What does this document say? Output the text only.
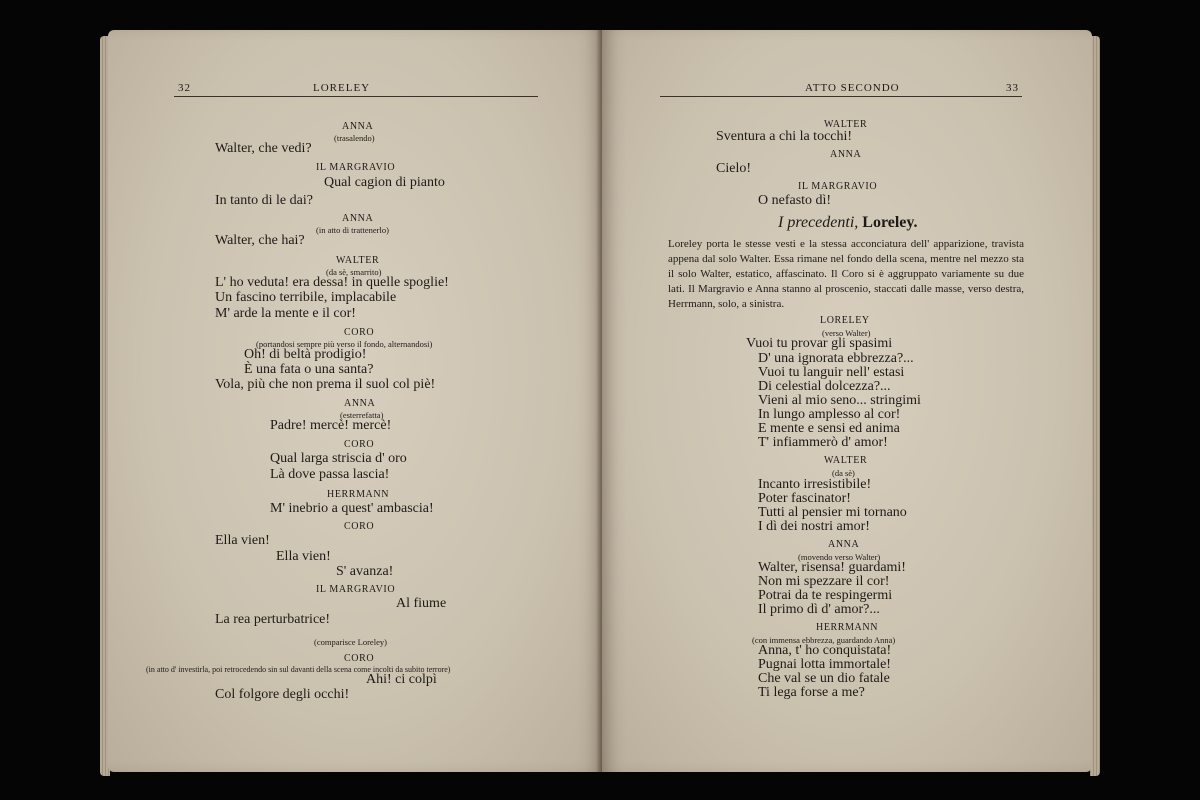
32	LORELEY
ANNA
(trasalendo)
Walter, che vedi?
IL MARGRAVIO
Qual cagion di pianto
In tanto di le dai?
ANNA
(in atto di trattenerlo)
Walter, che hai?
WALTER
(da sè, smarrito)
L' ho veduta! era dessa! in quelle spoglie!
Un fascino terribile, implacabile
M' arde la mente e il cor!
CORO
(portandosi sempre più verso il fondo, alternandosi)
Oh! di beltà prodigio!
È una fata o una santa?
Vola, più che non prema il suol col piè!
ANNA
(esterrefatta)
Padre! mercè! mercè!
CORO
Qual larga striscia d' oro
Là dove passa lascia!
HERRMANN
M' inebrio a quest' ambascia!
CORO
Ella vien!
Ella vien!
S' avanza!
IL MARGRAVIO
Al fiume
La rea perturbatrice!
(comparisce Loreley)
CORO
(in atto d' investirla, poi retrocedendo sin sul davanti della scena come incolti da subito terrore)
Ahi! ci colpì
Col folgore degli occhi!
ATTO SECONDO	33
WALTER
Sventura a chi la tocchi!
ANNA
Cielo!
IL MARGRAVIO
O nefasto dì!
I precedenti, Loreley.
Loreley porta le stesse vesti e la stessa acconciatura dell' apparizione, travista appena dal solo Walter. Essa rimane nel fondo della scena, mentre nel mezzo sta il solo Walter, estatico, affascinato. Il Coro si è aggruppato variamente su due lati. Il Margravio e Anna stanno al proscenio, staccati dalle masse, verso destra, Herrmann, solo, a sinistra.
LORELEY
(verso Walter)
Vuoi tu provar gli spasimi
D' una ignorata ebbrezza?...
Vuoi tu languir nell' estasi
Di celestial dolcezza?...
Vieni al mio seno... stringimi
In lungo amplesso al cor!
E mente e sensi ed anima
T' infiammerò d' amor!
WALTER
(da sè)
Incanto irresistibile!
Poter fascinator!
Tutti al pensier mi tornano
I dì dei nostri amor!
ANNA
(movendo verso Walter)
Walter, risensa! guardami!
Non mi spezzare il cor!
Potrai da te respingermi
Il primo dì d' amor?...
HERRMANN
(con immensa ebbrezza, guardando Anna)
Anna, t' ho conquistata!
Pugnai lotta immortale!
Che val se un dio fatale
Ti lega forse a me?
